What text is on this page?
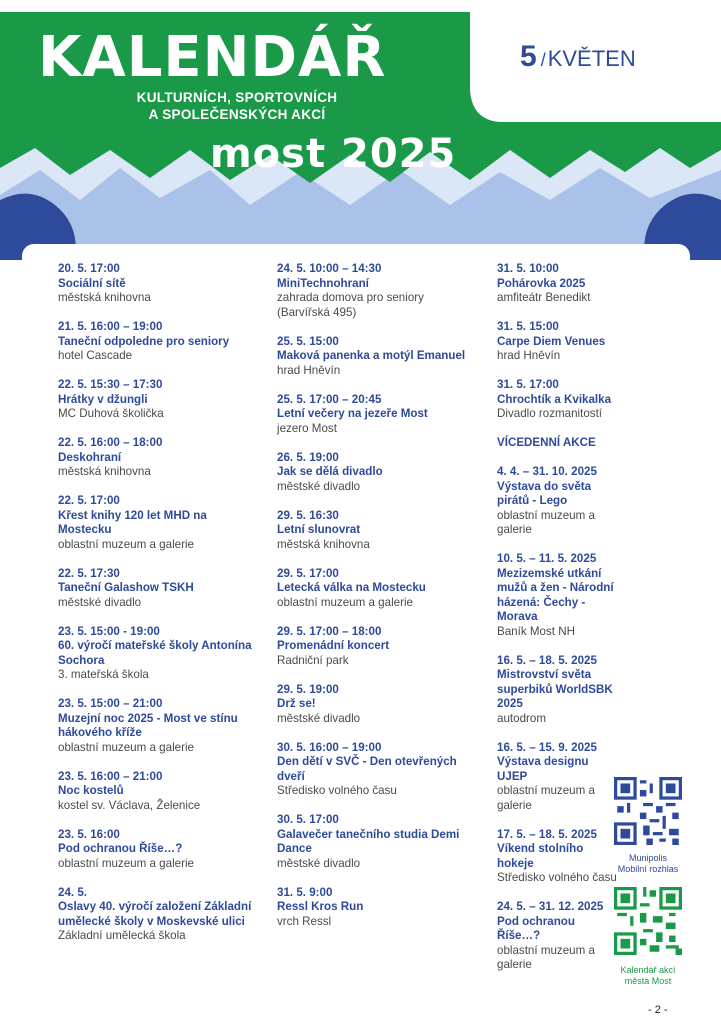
KALENDÁŘ
KULTURNÍCH, SPORTOVNÍCH
A SPOLEČENSKÝCH AKCÍ
most 2025
5 /KVĚTEN
20. 5. 17:00
Sociální sítě
městská knihovna
21. 5. 16:00 – 19:00
Taneční odpoledne pro seniory
hotel Cascade
22. 5. 15:30 – 17:30
Hrátky v džungli
MC Duhová školička
22. 5. 16:00 – 18:00
Deskohraní
městská knihovna
22. 5. 17:00
Křest knihy 120 let MHD na Mostecku
oblastní muzeum a galerie
22. 5. 17:30
Taneční Galashow TSKH
městské divadlo
23. 5. 15:00 - 19:00
60. výročí mateřské školy Antonína Sochora
3. mateřská škola
23. 5. 15:00 – 21:00
Muzejní noc 2025 - Most ve stínu hákového kříže
oblastní muzeum a galerie
23. 5. 16:00 – 21:00
Noc kostelů
kostel sv. Václava, Želenice
23. 5. 16:00
Pod ochranou Říše…?
oblastní muzeum a galerie
24. 5.
Oslavy 40. výročí založení Základní umělecké školy v Moskevské ulici
Základní umělecká škola
24. 5. 10:00 – 14:30
MiniTechnohraní
zahrada domova pro seniory (Barvířská 495)
25. 5. 15:00
Maková panenka a motýl Emanuel
hrad Hněvín
25. 5. 17:00 – 20:45
Letní večery na jezeře Most
jezero Most
26. 5. 19:00
Jak se dělá divadlo
městské divadlo
29. 5. 16:30
Letní slunovrat
městská knihovna
29. 5. 17:00
Letecká válka na Mostecku
oblastní muzeum a galerie
29. 5. 17:00 – 18:00
Promenádní koncert
Radniční park
29. 5. 19:00
Drž se!
městské divadlo
30. 5. 16:00 – 19:00
Den dětí v SVČ - Den otevřených dveří
Středisko volného času
30. 5. 17:00
Galavečer tanečního studia Demi Dance
městské divadlo
31. 5. 9:00
Ressl Kros Run
vrch Ressl
31. 5. 10:00
Pohárovka 2025
amfiteátr Benedikt
31. 5. 15:00
Carpe Diem Venues
hrad Hněvín
31. 5. 17:00
Chrochtík a Kvikalka
Divadlo rozmanitostí
VÍCEDENNÍ AKCE
4. 4. – 31. 10. 2025
Výstava do světa pirátů - Lego
oblastní muzeum a galerie
10. 5. – 11. 5. 2025
Mezizemské utkání mužů a žen - Národní házená: Čechy - Morava
Baník Most NH
16. 5. – 18. 5. 2025
Mistrovství světa superbiků WorldSBK 2025
autodrom
16. 5. – 15. 9. 2025
Výstava designu UJEP
oblastní muzeum a galerie
17. 5. – 18. 5. 2025
Víkend stolního hokeje
Středisko volného času
24. 5. – 31. 12. 2025
Pod ochranou Říše…?
oblastní muzeum a galerie
Munipolis
Mobilní rozhlas
Kalendář akcí
města Most
- 2 -
